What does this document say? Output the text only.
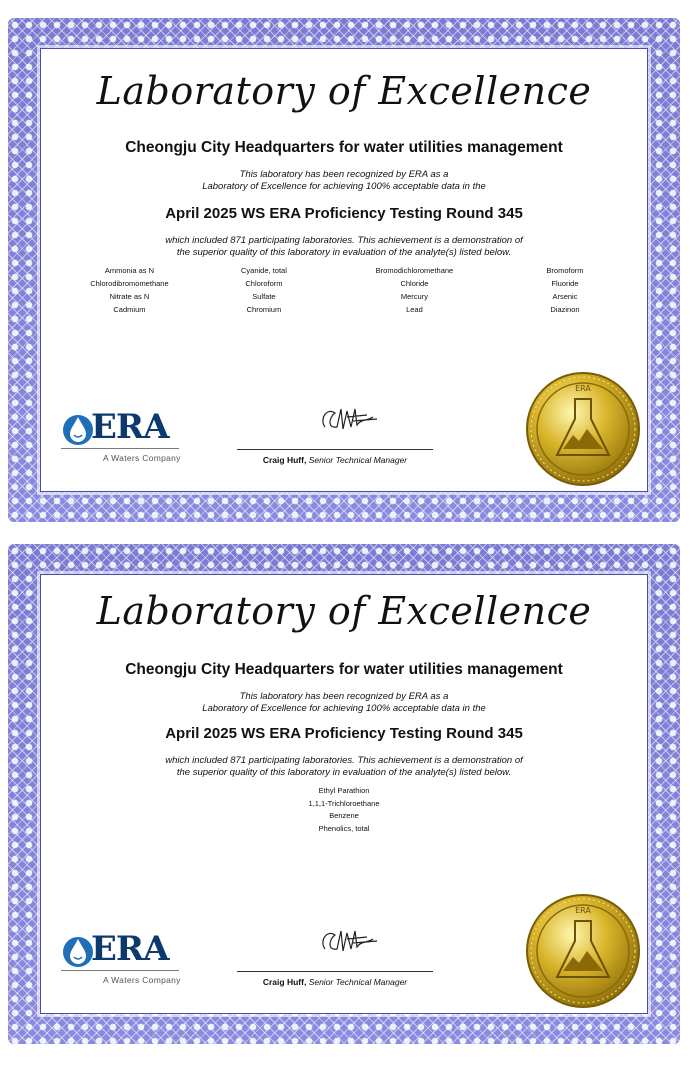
Laboratory of Excellence
Cheongju City Headquarters for water utilities management
This laboratory has been recognized by ERA as a
Laboratory of Excellence for achieving 100% acceptable data in the
April 2025 WS ERA Proficiency Testing Round 345
which included 871 participating laboratories. This achievement is a demonstration of
the superior quality of this laboratory in evaluation of the analyte(s) listed below.
Ammonia as N	Cyanide, total	Bromodichloromethane	Bromoform
Chlorodibromomethane	Chloroform	Chloride	Fluoride
Nitrate as N	Sulfate	Mercury	Arsenic
Cadmium	Chromium	Lead	Diazinon
ERA
A Waters Company	Craig Huff, Senior Technical Manager
ERA
Laboratory of Excellence
Cheongju City Headquarters for water utilities management
This laboratory has been recognized by ERA as a
Laboratory of Excellence for achieving 100% acceptable data in the
April 2025 WS ERA Proficiency Testing Round 345
which included 871 participating laboratories. This achievement is a demonstration of
the superior quality of this laboratory in evaluation of the analyte(s) listed below.
Ethyl Parathion
1,1,1-Trichloroethane
Benzene
Phenolics, total
ERA
A Waters Company	Craig Huff, Senior Technical Manager
ERA
